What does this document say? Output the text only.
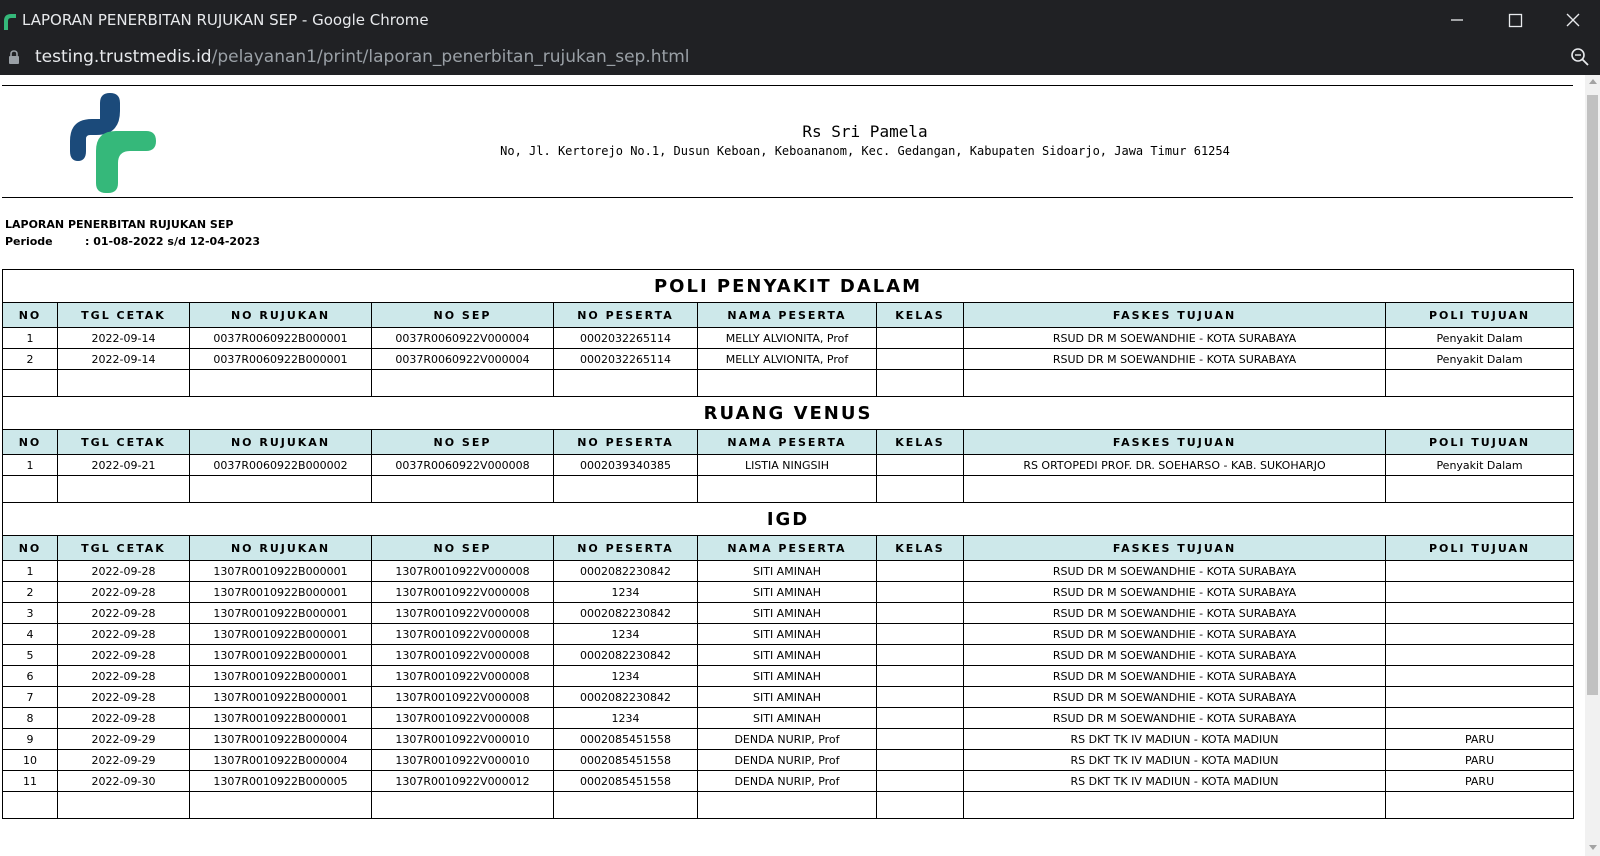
LAPORAN PENERBITAN RUJUKAN SEP - Google Chrome
testing.trustmedis.id/pelayanan1/print/laporan_penerbitan_rujukan_sep.html
Rs Sri Pamela
No, Jl. Kertorejo No.1, Dusun Keboan, Keboananom, Kec. Gedangan, Kabupaten Sidoarjo, Jawa Timur 61254
LAPORAN PENERBITAN RUJUKAN SEP
Periode	: 01-08-2022 s/d 12-04-2023
POLI PENYAKIT DALAM								
NO	TGL CETAK	NO RUJUKAN	NO SEP	NO PESERTA	NAMA PESERTA	KELAS	FASKES TUJUAN	POLI TUJUAN
1	2022-09-14	0037R0060922B000001	0037R0060922V000004	0002032265114	MELLY ALVIONITA, Prof		RSUD DR M SOEWANDHIE - KOTA SURABAYA	Penyakit Dalam
2	2022-09-14	0037R0060922B000001	0037R0060922V000004	0002032265114	MELLY ALVIONITA, Prof		RSUD DR M SOEWANDHIE - KOTA SURABAYA	Penyakit Dalam

RUANG VENUS								
NO	TGL CETAK	NO RUJUKAN	NO SEP	NO PESERTA	NAMA PESERTA	KELAS	FASKES TUJUAN	POLI TUJUAN
1	2022-09-21	0037R0060922B000002	0037R0060922V000008	0002039340385	LISTIA NINGSIH		RS ORTOPEDI PROF. DR. SOEHARSO - KAB. SUKOHARJO	Penyakit Dalam

IGD								
NO	TGL CETAK	NO RUJUKAN	NO SEP	NO PESERTA	NAMA PESERTA	KELAS	FASKES TUJUAN	POLI TUJUAN
1	2022-09-28	1307R0010922B000001	1307R0010922V000008	0002082230842	SITI AMINAH		RSUD DR M SOEWANDHIE - KOTA SURABAYA	
2	2022-09-28	1307R0010922B000001	1307R0010922V000008	1234	SITI AMINAH		RSUD DR M SOEWANDHIE - KOTA SURABAYA	
3	2022-09-28	1307R0010922B000001	1307R0010922V000008	0002082230842	SITI AMINAH		RSUD DR M SOEWANDHIE - KOTA SURABAYA	
4	2022-09-28	1307R0010922B000001	1307R0010922V000008	1234	SITI AMINAH		RSUD DR M SOEWANDHIE - KOTA SURABAYA	
5	2022-09-28	1307R0010922B000001	1307R0010922V000008	0002082230842	SITI AMINAH		RSUD DR M SOEWANDHIE - KOTA SURABAYA	
6	2022-09-28	1307R0010922B000001	1307R0010922V000008	1234	SITI AMINAH		RSUD DR M SOEWANDHIE - KOTA SURABAYA	
7	2022-09-28	1307R0010922B000001	1307R0010922V000008	0002082230842	SITI AMINAH		RSUD DR M SOEWANDHIE - KOTA SURABAYA	
8	2022-09-28	1307R0010922B000001	1307R0010922V000008	1234	SITI AMINAH		RSUD DR M SOEWANDHIE - KOTA SURABAYA	
9	2022-09-29	1307R0010922B000004	1307R0010922V000010	0002085451558	DENDA NURIP, Prof		RS DKT TK IV MADIUN - KOTA MADIUN	PARU
10	2022-09-29	1307R0010922B000004	1307R0010922V000010	0002085451558	DENDA NURIP, Prof		RS DKT TK IV MADIUN - KOTA MADIUN	PARU
11	2022-09-30	1307R0010922B000005	1307R0010922V000012	0002085451558	DENDA NURIP, Prof		RS DKT TK IV MADIUN - KOTA MADIUN	PARU
